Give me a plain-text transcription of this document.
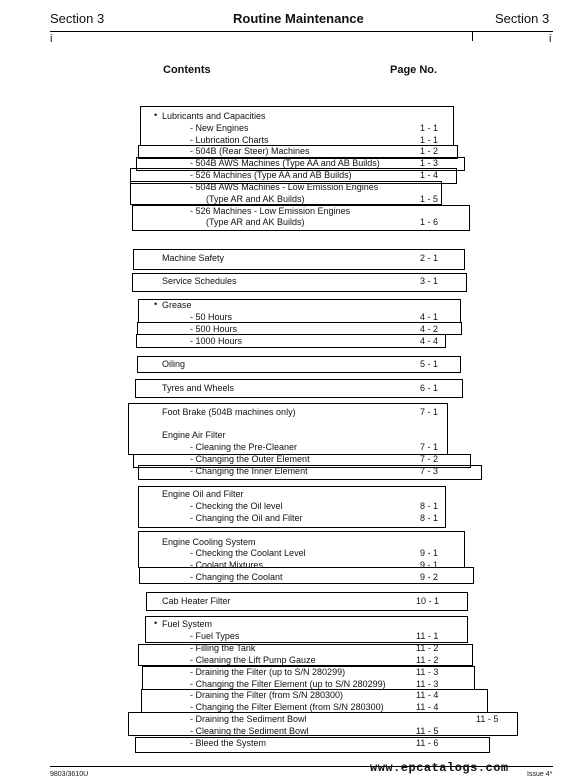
Section 3	Routine Maintenance	Section 3
i	i
Contents	Page No.
• Lubricants and Capacities
- New Engines	1 - 1
- Lubrication Charts	1 - 1
- 504B (Rear Steer) Machines	1 - 2
- 504B AWS Machines (Type AA and AB Builds)	1 - 3
- 526 Machines (Type AA and AB Builds)	1 - 4
- 504B AWS Machines - Low Emission Engines
(Type AR and AK Builds)	1 - 5
- 526 Machines - Low Emission Engines
(Type AR and AK Builds)	1 - 6
Machine Safety	2 - 1
Service Schedules	3 - 1
• Grease
- 50 Hours	4 - 1
- 500 Hours	4 - 2
- 1000 Hours	4 - 4
Oiling	5 - 1
Tyres and Wheels	6 - 1
Foot Brake (504B machines only)	7 - 1
Engine Air Filter
- Cleaning the Pre-Cleaner	7 - 1
- Changing the Outer Element	7 - 2
- Changing the Inner Element	7 - 3
Engine Oil and Filter
- Checking the Oil level	8 - 1
- Changing the Oil and Filter	8 - 1
Engine Cooling System
- Checking the Coolant Level	9 - 1
- Coolant Mixtures	9 - 1
- Changing the Coolant	9 - 2
Cab Heater Filter	10 - 1
• Fuel System
- Fuel Types	11 - 1
- Filling the Tank	11 - 2
- Cleaning the Lift Pump Gauze	11 - 2
- Draining the Filter (up to S/N 280299)	11 - 3
- Changing the Filter Element (up to S/N 280299)	11 - 3
- Draining the Filter (from S/N 280300)	11 - 4
- Changing the Filter Element (from S/N 280300)	11 - 4
- Draining the Sediment Bowl	11 - 5
- Cleaning the Sediment Bowl	11 - 5
- Bleed the System	11 - 6
9803/3610U	www.epcatalogs.com	Issue 4*
